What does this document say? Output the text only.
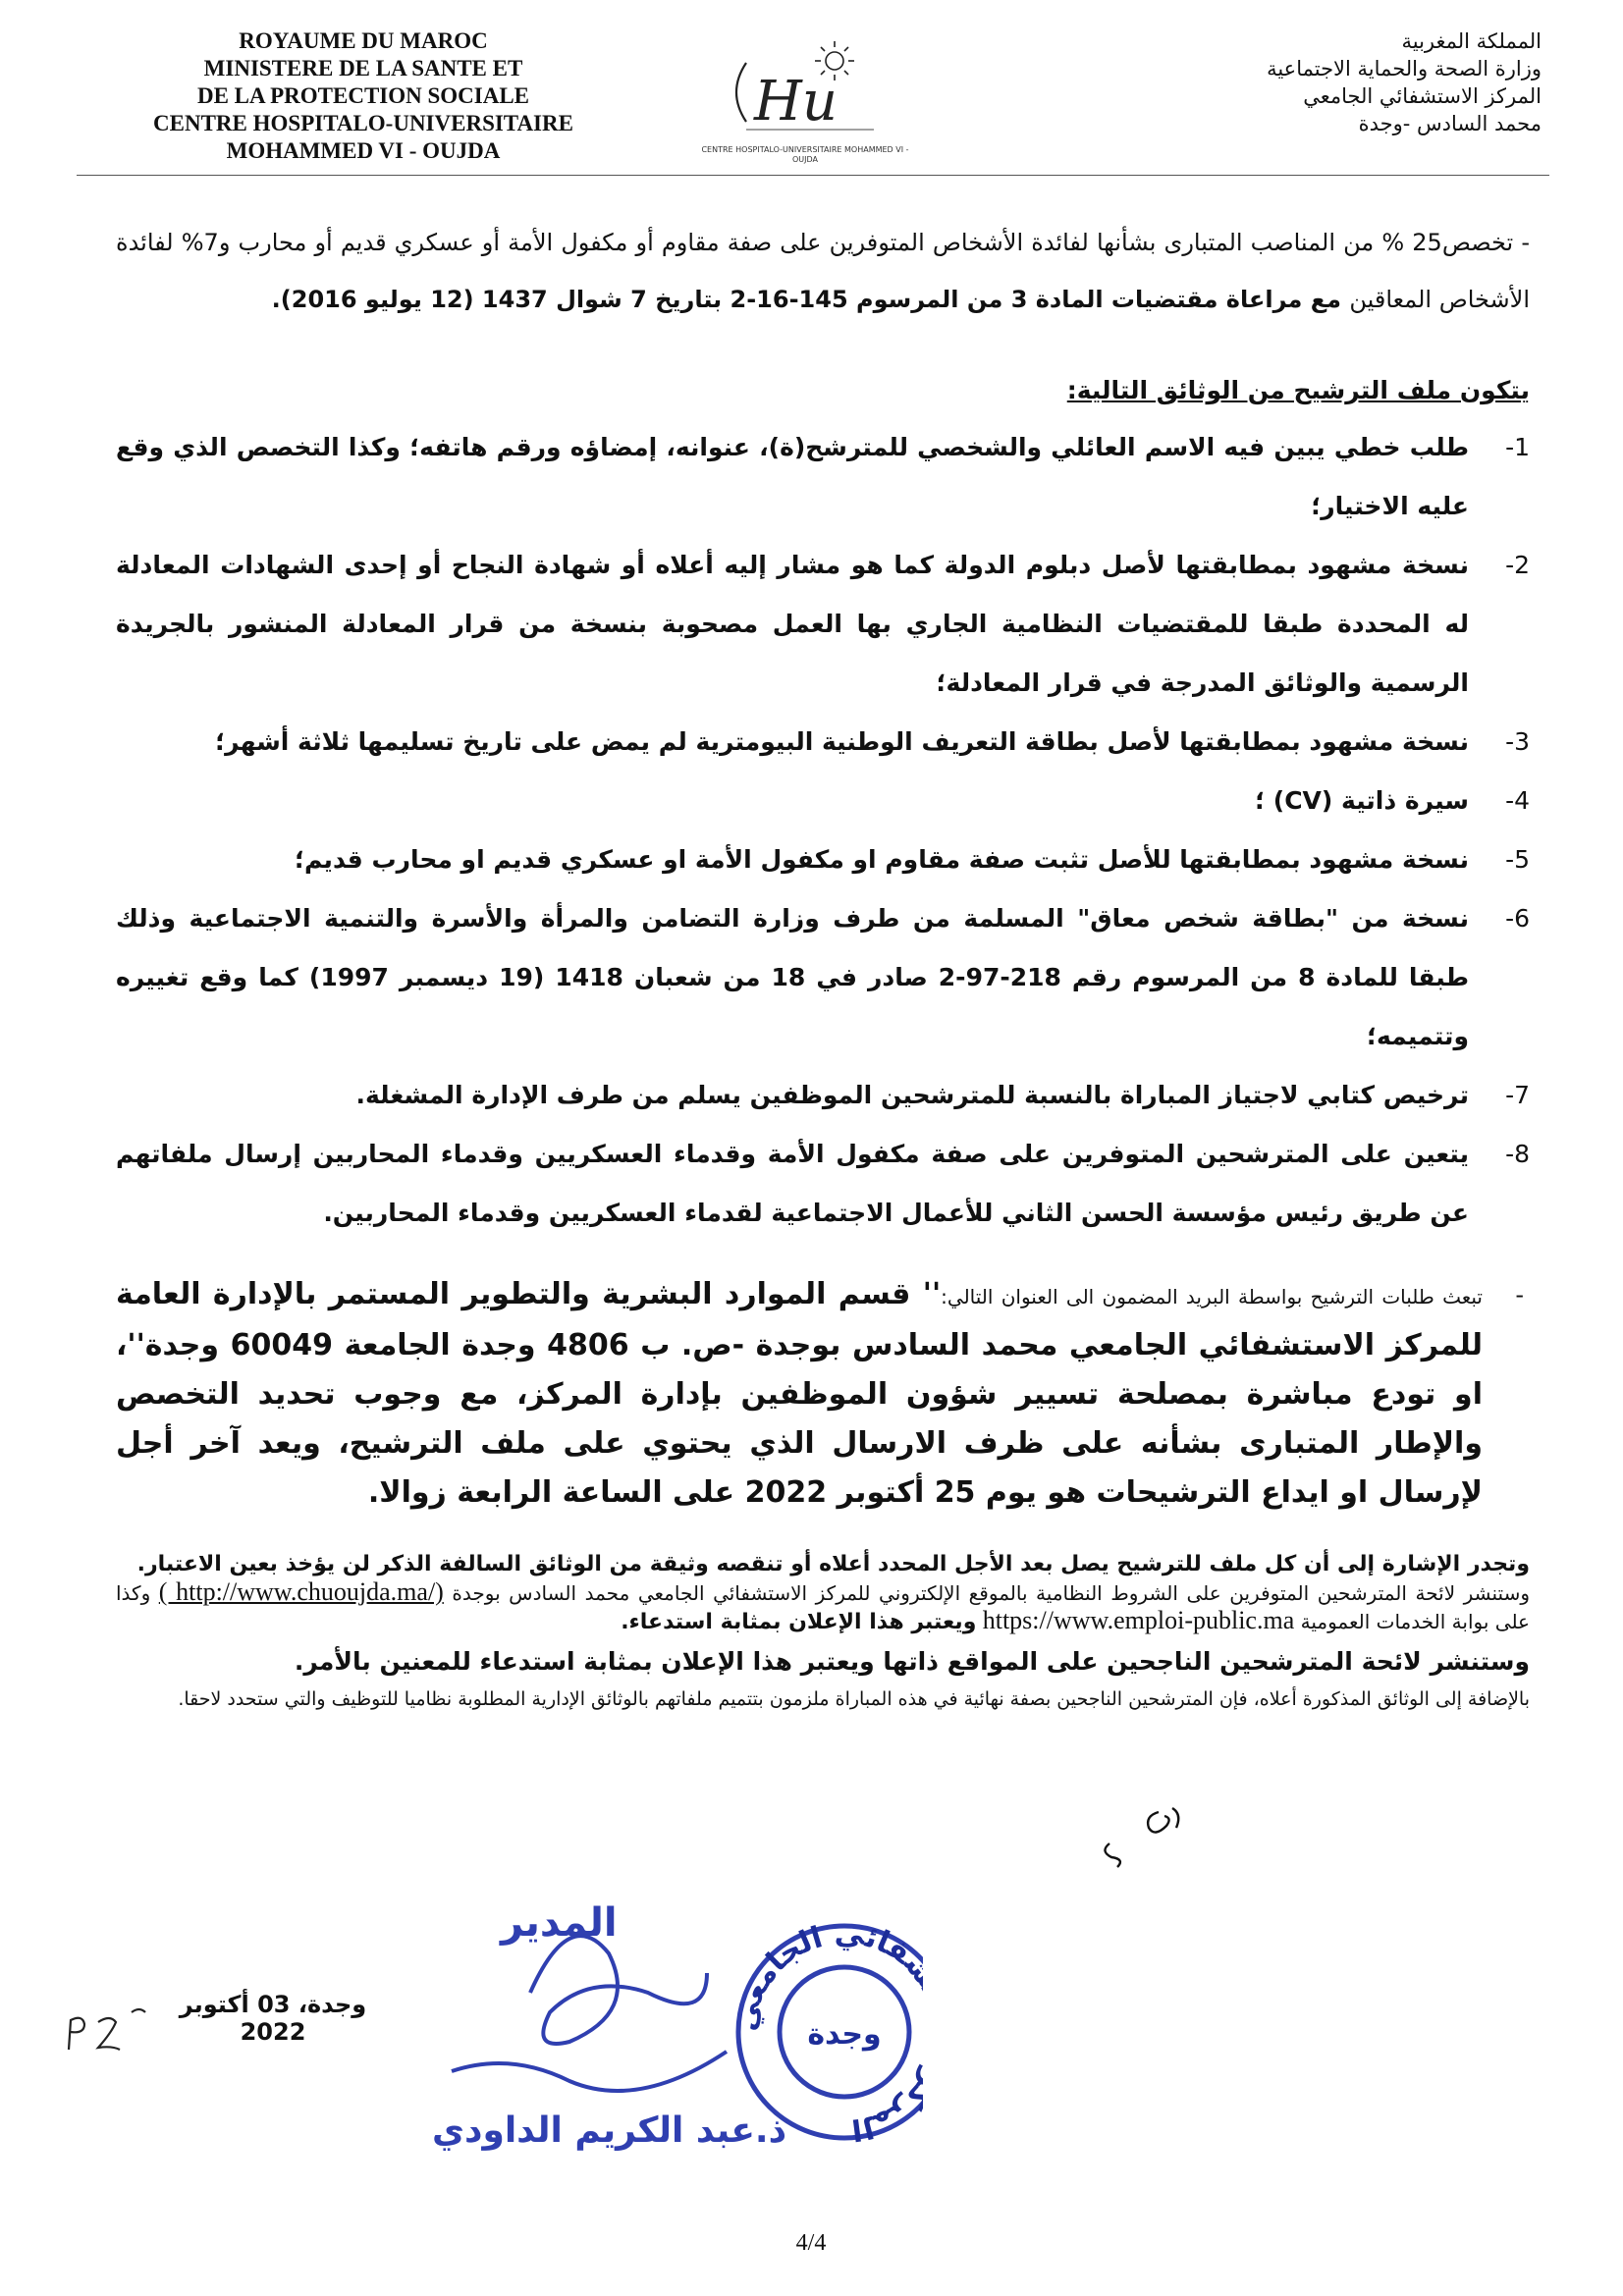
ROYAUME DU MAROC
MINISTERE DE LA SANTE ET
DE LA PROTECTION SOCIALE
CENTRE HOSPITALO-UNIVERSITAIRE
MOHAMMED VI - OUJDA
Hu
CENTRE HOSPITALO-UNIVERSITAIRE MOHAMMED VI - OUJDA
المملكة المغربية
وزارة الصحة والحماية الاجتماعية
المركز الاستشفائي الجامعي
محمد السادس -وجدة

- تخصص25 % من المناصب المتبارى بشأنها لفائدة الأشخاص المتوفرين على صفة مقاوم أو مكفول الأمة أو عسكري قديم أو محارب و7% لفائدة الأشخاص المعاقين مع مراعاة مقتضيات المادة 3 من المرسوم 145-16-2 بتاريخ 7 شوال 1437 (12 يوليو 2016).

يتكون ملف الترشيح من الوثائق التالية:

-1
طلب خطي يبين فيه الاسم العائلي والشخصي للمترشح(ة)، عنوانه، إمضاؤه ورقم هاتفه؛ وكذا التخصص الذي وقع عليه الاختيار؛
-2
نسخة مشهود بمطابقتها لأصل دبلوم الدولة كما هو مشار إليه أعلاه أو شهادة النجاح أو إحدى الشهادات المعادلة له المحددة طبقا للمقتضيات النظامية الجاري بها العمل مصحوبة بنسخة من قرار المعادلة المنشور بالجريدة الرسمية والوثائق المدرجة في قرار المعادلة؛
-3
نسخة مشهود بمطابقتها لأصل بطاقة التعريف الوطنية البيومترية لم يمض على تاريخ تسليمها ثلاثة أشهر؛
-4
سيرة ذاتية (CV) ؛
-5
نسخة مشهود بمطابقتها للأصل تثبت صفة مقاوم او مكفول الأمة او عسكري قديم او محارب قديم؛
-6
نسخة من "بطاقة شخص معاق" المسلمة من طرف وزارة التضامن والمرأة والأسرة والتنمية الاجتماعية وذلك طبقا للمادة 8 من المرسوم رقم 218-97-2 صادر في 18 من شعبان 1418 (19 ديسمبر 1997) كما وقع تغييره وتتميمه؛
-7
ترخيص كتابي لاجتياز المباراة بالنسبة للمترشحين الموظفين يسلم من طرف الإدارة المشغلة.
-8
يتعين على المترشحين المتوفرين على صفة مكفول الأمة وقدماء العسكريين وقدماء المحاربين إرسال ملفاتهم عن طريق رئيس مؤسسة الحسن الثاني للأعمال الاجتماعية لقدماء العسكريين وقدماء المحاربين.
-

تبعث طلبات الترشيح بواسطة البريد المضمون الى العنوان التالي:'' قسم الموارد البشرية والتطوير المستمر بالإدارة العامة للمركز الاستشفائي الجامعي محمد السادس بوجدة -ص. ب 4806 وجدة الجامعة 60049 وجدة''، او تودع مباشرة بمصلحة تسيير شؤون الموظفين بإدارة المركز، مع وجوب تحديد التخصص والإطار المتبارى بشأنه على ظرف الارسال الذي يحتوي على ملف الترشيح، ويعد آخر أجل لإرسال او ايداع الترشيحات هو يوم 25 أكتوبر 2022 على الساعة الرابعة زوالا.

وتجدر الإشارة إلى أن كل ملف للترشيح يصل بعد الأجل المحدد أعلاه أو تنقصه وثيقة من الوثائق السالفة الذكر لن يؤخذ بعين الاعتبار.

وستنشر لائحة المترشحين المتوفرين على الشروط النظامية بالموقع الإلكتروني للمركز الاستشفائي الجامعي محمد السادس بوجدة ( http://www.chuoujda.ma/) وكذا على بوابة الخدمات العمومية https://www.emploi-public.ma ويعتبر هذا الإعلان بمثابة استدعاء.

وستنشر لائحة المترشحين الناجحين على المواقع ذاتها ويعتبر هذا الإعلان بمثابة استدعاء للمعنين بالأمر.

بالإضافة إلى الوثائق المذكورة أعلاه، فإن المترشحين الناجحين بصفة نهائية في هذه المباراة ملزمون بتتميم ملفاتهم بالوثائق الإدارية المطلوبة نظاميا للتوظيف والتي ستحدد لاحقا.

المر الاستشفائي الجامعي
وجدة
المدير
ذ.عبد الكريم الداودي
وجدة، 03 أكتوبر 2022
4/4
